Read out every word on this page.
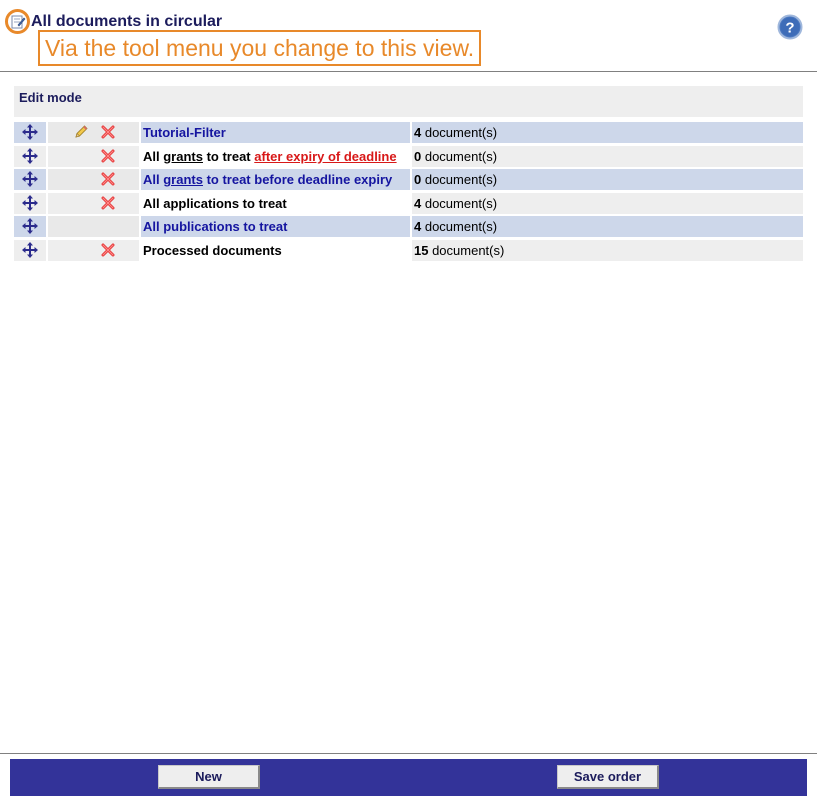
All documents in circular
Via the tool menu you change to this view.
?
Edit mode
Tutorial-Filter	4 document(s)
All grants to treat after expiry of deadline	0 document(s)
All grants to treat before deadline expiry	0 document(s)
All applications to treat	4 document(s)
All publications to treat	4 document(s)
Processed documents	15 document(s)
New	Save order
